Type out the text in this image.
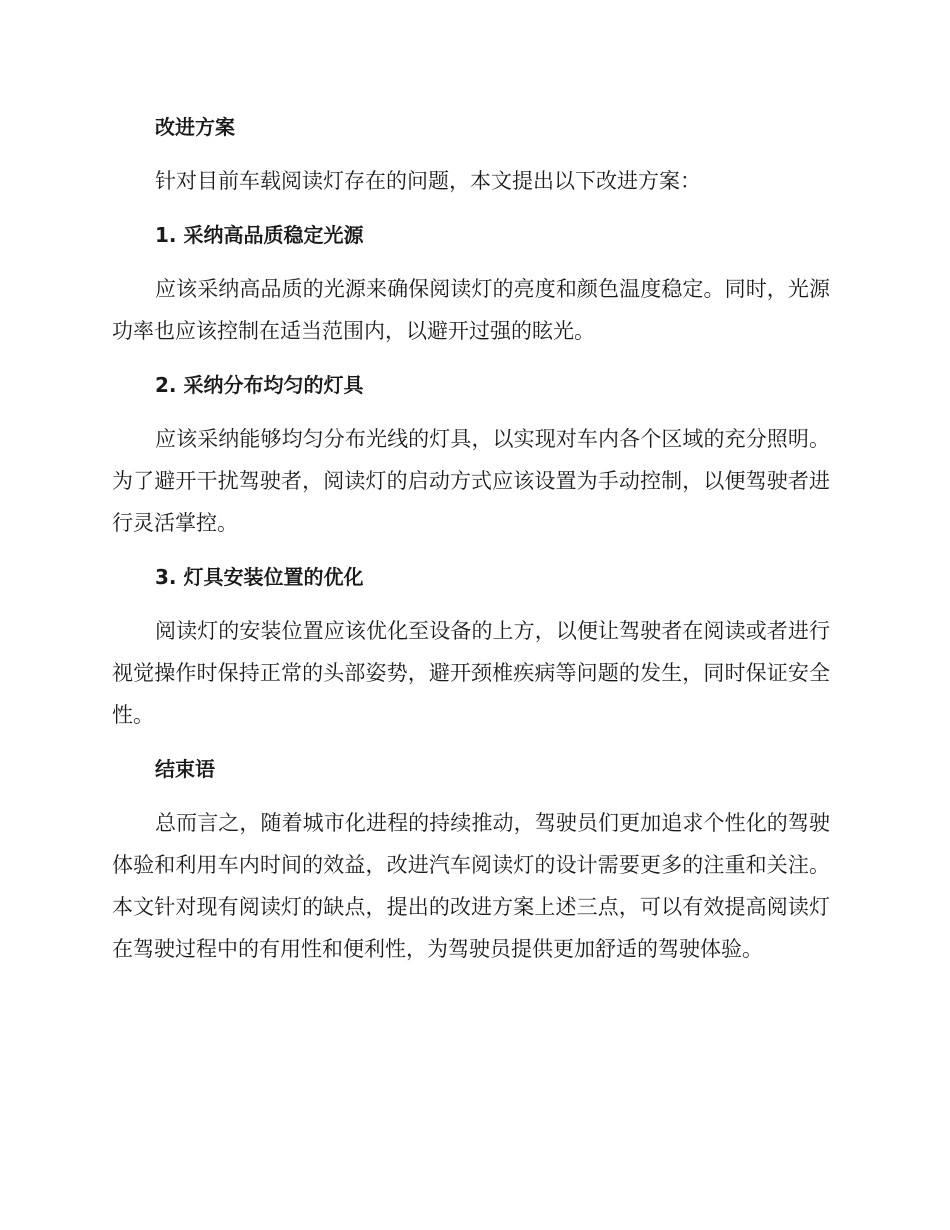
改进方案

针对目前车载阅读灯存在的问题，本文提出以下改进方案：

1. 采纳高品质稳定光源

应该采纳高品质的光源来确保阅读灯的亮度和颜色温度稳定。同时，光源功率也应该控制在适当范围内，以避开过强的眩光。

2. 采纳分布均匀的灯具

应该采纳能够均匀分布光线的灯具，以实现对车内各个区域的充分照明。为了避开干扰驾驶者，阅读灯的启动方式应该设置为手动控制，以便驾驶者进行灵活掌控。

3. 灯具安装位置的优化

阅读灯的安装位置应该优化至设备的上方，以便让驾驶者在阅读或者进行视觉操作时保持正常的头部姿势，避开颈椎疾病等问题的发生，同时保证安全性。

结束语

总而言之，随着城市化进程的持续推动，驾驶员们更加追求个性化的驾驶体验和利用车内时间的效益，改进汽车阅读灯的设计需要更多的注重和关注。本文针对现有阅读灯的缺点，提出的改进方案上述三点，可以有效提高阅读灯在驾驶过程中的有用性和便利性，为驾驶员提供更加舒适的驾驶体验。
